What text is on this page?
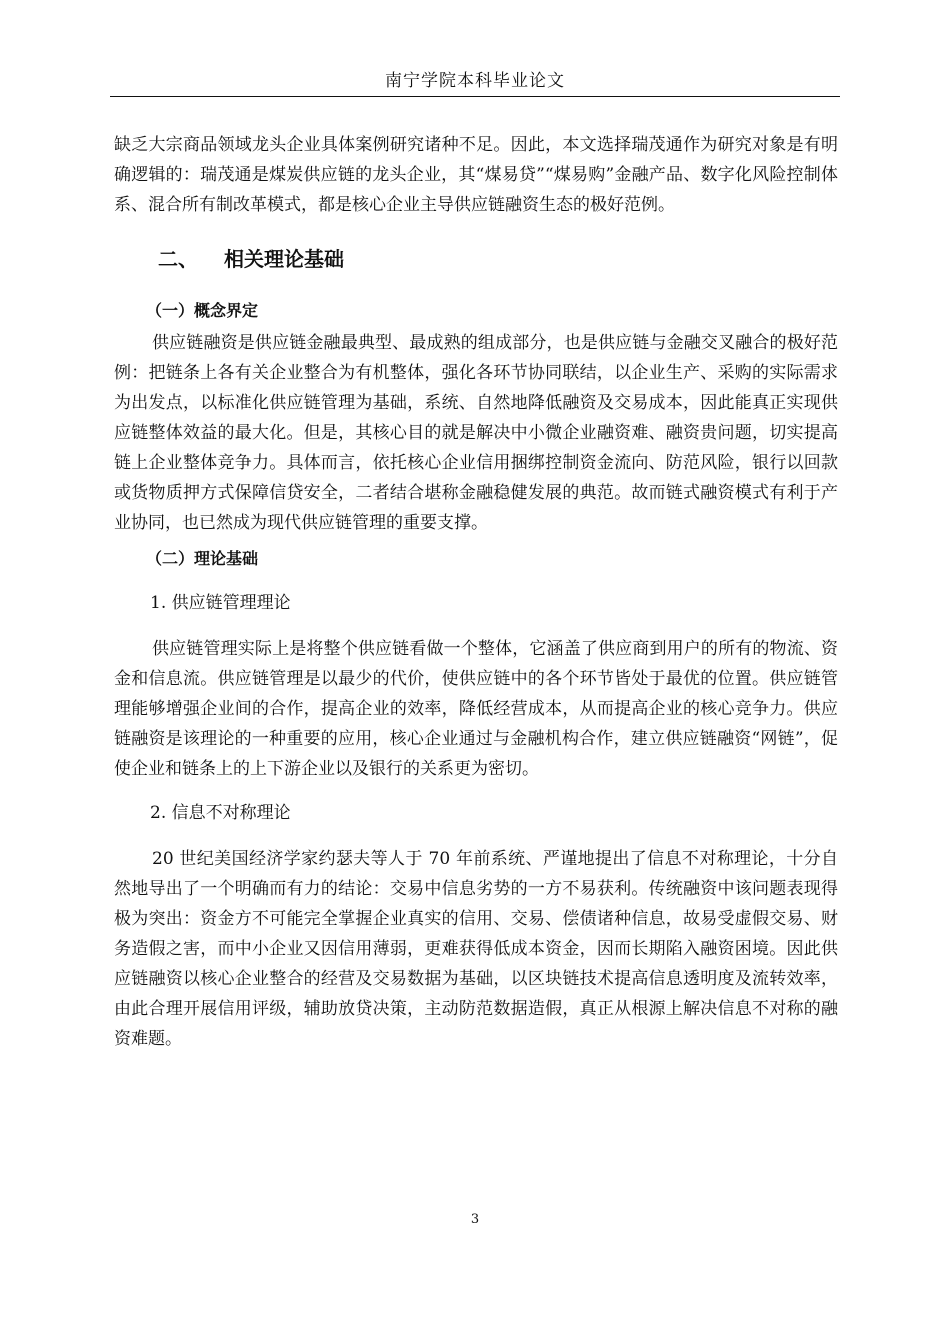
南宁学院本科毕业论文

缺乏大宗商品领域龙头企业具体案例研究诸种不足。因此，本文选择瑞茂通作为研究对象是有明确逻辑的：瑞茂通是煤炭供应链的龙头企业，其“煤易贷”“煤易购”金融产品、数字化风险控制体系、混合所有制改革模式，都是核心企业主导供应链融资生态的极好范例。

二、 相关理论基础
（一）概念界定

供应链融资是供应链金融最典型、最成熟的组成部分，也是供应链与金融交叉融合的极好范例：把链条上各有关企业整合为有机整体，强化各环节协同联结，以企业生产、采购的实际需求为出发点，以标准化供应链管理为基础，系统、自然地降低融资及交易成本，因此能真正实现供应链整体效益的最大化。但是，其核心目的就是解决中小微企业融资难、融资贵问题，切实提高链上企业整体竞争力。具体而言，依托核心企业信用捆绑控制资金流向、防范风险，银行以回款或货物质押方式保障信贷安全，二者结合堪称金融稳健发展的典范。故而链式融资模式有利于产业协同，也已然成为现代供应链管理的重要支撑。

（二）理论基础
1. 供应链管理理论

供应链管理实际上是将整个供应链看做一个整体，它涵盖了供应商到用户的所有的物流、资金和信息流。供应链管理是以最少的代价，使供应链中的各个环节皆处于最优的位置。供应链管理能够增强企业间的合作，提高企业的效率，降低经营成本，从而提高企业的核心竞争力。供应链融资是该理论的一种重要的应用，核心企业通过与金融机构合作，建立供应链融资“网链”，促使企业和链条上的上下游企业以及银行的关系更为密切。

2. 信息不对称理论

20 世纪美国经济学家约瑟夫等人于 70 年前系统、严谨地提出了信息不对称理论，十分自然地导出了一个明确而有力的结论：交易中信息劣势的一方不易获利。传统融资中该问题表现得极为突出：资金方不可能完全掌握企业真实的信用、交易、偿债诸种信息，故易受虚假交易、财务造假之害，而中小企业又因信用薄弱，更难获得低成本资金，因而长期陷入融资困境。因此供应链融资以核心企业整合的经营及交易数据为基础，以区块链技术提高信息透明度及流转效率，由此合理开展信用评级，辅助放贷决策，主动防范数据造假，真正从根源上解决信息不对称的融资难题。

3
